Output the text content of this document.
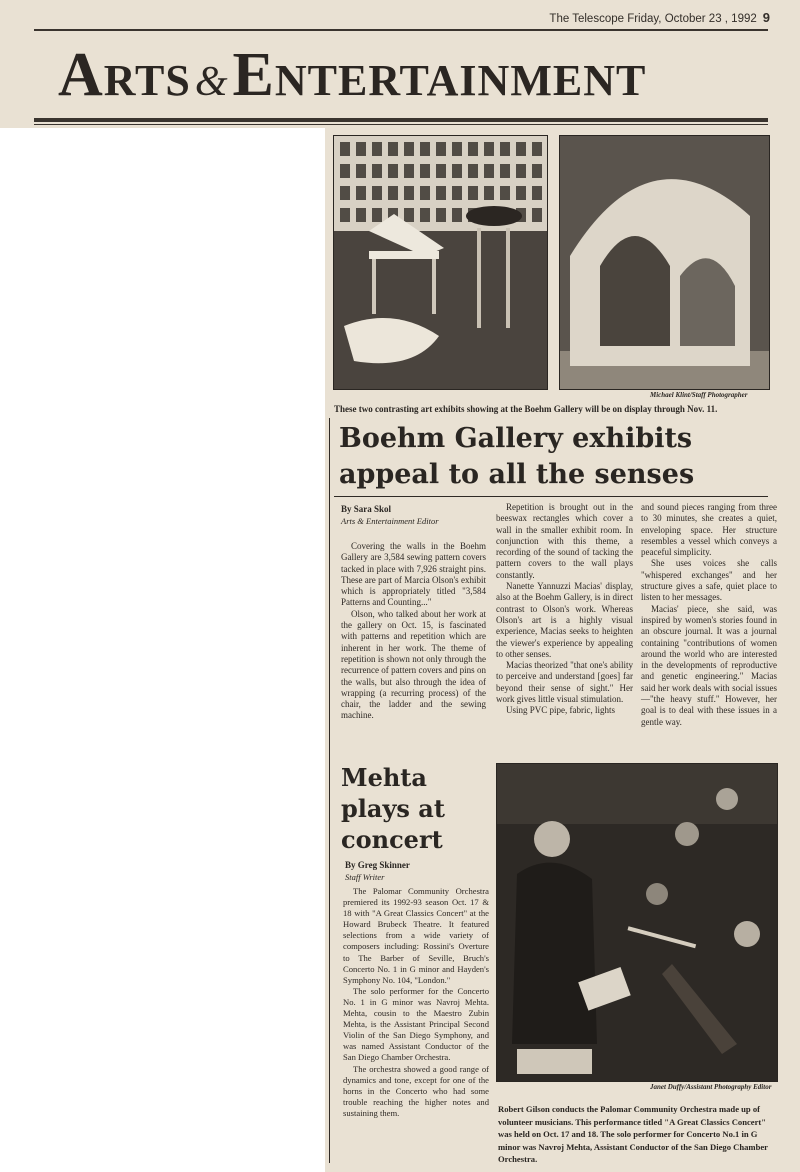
The Telescope Friday, October 23 , 1992 9
ARTS&ENTERTAINMENT
Michael Klint/Staff Photographer
These two contrasting art exhibits showing at the Boehm Gallery will be on display through Nov. 11.
Boehm Gallery exhibits appeal to all the senses
By Sara Skol
Arts & Entertainment Editor

Covering the walls in the Boehm Gallery are 3,584 sewing pattern covers tacked in place with 7,926 straight pins. These are part of Marcia Olson's exhibit which is appropriately titled "3,584 Patterns and Counting..."

Olson, who talked about her work at the gallery on Oct. 15, is fascinated with patterns and repetition which are inherent in her work. The theme of repetition is shown not only through the recurrence of pattern covers and pins on the walls, but also through the idea of wrapping (a recurring process) of the chair, the ladder and the sewing machine.

Repetition is brought out in the beeswax rectangles which cover a wall in the smaller exhibit room. In conjunction with this theme, a recording of the sound of tacking the pattern covers to the wall plays constantly.

Nanette Yannuzzi Macias' display, also at the Boehm Gallery, is in direct contrast to Olson's work. Whereas Olson's art is a highly visual experience, Macias seeks to heighten the viewer's experience by appealing to other senses.

Macias theorized "that one's ability to perceive and understand [goes] far beyond their sense of sight." Her work gives little visual stimulation.

Using PVC pipe, fabric, lights

and sound pieces ranging from three to 30 minutes, she creates a quiet, enveloping space. Her structure resembles a vessel which conveys a peaceful simplicity.

She uses voices she calls "whispered exchanges" and her structure gives a safe, quiet place to listen to her messages.

Macias' piece, she said, was inspired by women's stories found in an obscure journal. It was a journal containing "contributions of women around the world who are interested in the developments of reproductive and genetic engineering." Macias said her work deals with social issues—"the heavy stuff." However, her goal is to deal with these issues in a gentle way.

Mehta
plays at
concert
By Greg Skinner
Staff Writer

The Palomar Community Orchestra premiered its 1992-93 season Oct. 17 & 18 with "A Great Classics Concert" at the Howard Brubeck Theatre. It featured selections from a wide variety of composers including: Rossini's Overture to The Barber of Seville, Bruch's Concerto No. 1 in G minor and Hayden's Symphony No. 104, "London."

The solo performer for the Concerto No. 1 in G minor was Navroj Mehta. Mehta, cousin to the Maestro Zubin Mehta, is the Assistant Principal Second Violin of the San Diego Symphony, and was named Assistant Conductor of the San Diego Chamber Orchestra.

The orchestra showed a good range of dynamics and tone, except for one of the horns in the Concerto who had some trouble reaching the higher notes and sustaining them.

Janet Duffy/Assistant Photography Editor
Robert Gilson conducts the Palomar Community Orchestra made up of volunteer musicians. This performance titled "A Great Classics Concert" was held on Oct. 17 and 18. The solo performer for Concerto No.1 in G minor was Navroj Mehta, Assistant Conductor of the San Diego Chamber Orchestra.
